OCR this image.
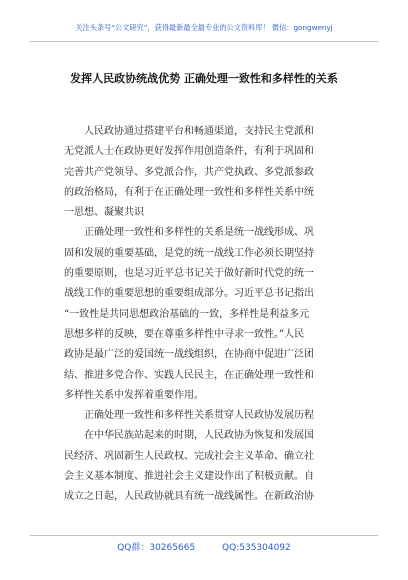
关注头条号“公文研究”，获得最新最全最专业的公文资料库！ 微信：gongwenyj
发挥人民政协统战优势 正确处理一致性和多样性的关系

　　人民政协通过搭建平台和畅通渠道，支持民主党派和
无党派人士在政协更好发挥作用创造条件，有利于巩固和
完善共产党领导、多党派合作，共产党执政、多党派参政
的政治格局，有利于在正确处理一致性和多样性关系中统
一思想、凝聚共识

　　正确处理一致性和多样性的关系是统一战线形成、巩
固和发展的重要基础，是党的统一战线工作必须长期坚持
的重要原则，也是习近平总书记关于做好新时代党的统一
战线工作的重要思想的重要组成部分。习近平总书记指出
“一致性是共同思想政治基础的一致，多样性是利益多元
思想多样的反映，要在尊重多样性中寻求一致性。”人民
政协是最广泛的爱国统一战线组织，在协商中促进广泛团
结、推进多党合作、实践人民民主，在正确处理一致性和
多样性关系中发挥着重要作用。

　　正确处理一致性和多样性关系贯穿人民政协发展历程

　　在中华民族站起来的时期，人民政协为恢复和发展国
民经济、巩固新生人民政权、完成社会主义革命、确立社
会主义基本制度、推进社会主义建设作出了积极贡献。自
成立之日起，人民政协就具有统一战线属性。在新政治协

QQ群：30265665	QQ:535304092
